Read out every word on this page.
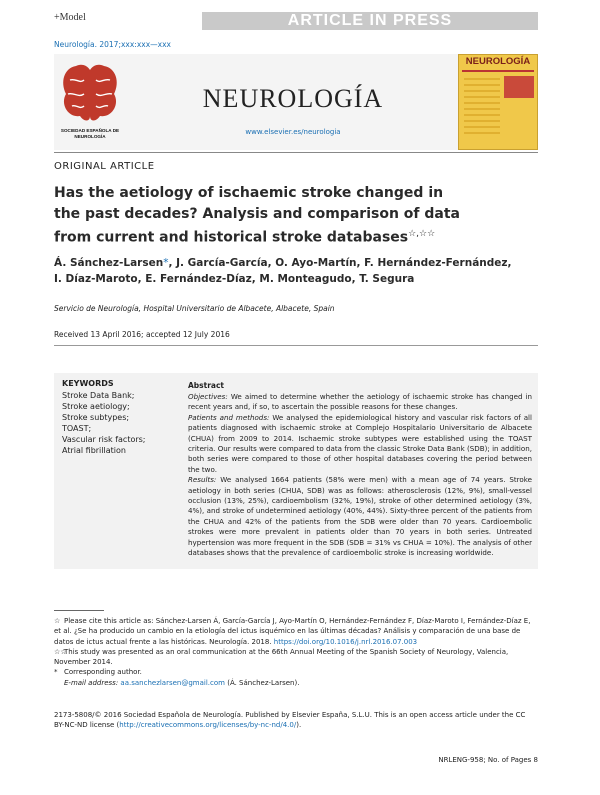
+Model	ARTICLE IN PRESS
Neurología. 2017;xxx:xxx—xxx
SOCIEDAD ESPAÑOLA DE NEUROLOGÍA
NEUROLOGÍA
www.elsevier.es/neurologia
NEUROLOGÍA
ORIGINAL ARTICLE
Has the aetiology of ischaemic stroke changed in the past decades? Analysis and comparison of data from current and historical stroke databases☆,☆☆
Á. Sánchez-Larsen*, J. García-García, O. Ayo-Martín, F. Hernández-Fernández,
I. Díaz-Maroto, E. Fernández-Díaz, M. Monteagudo, T. Segura
Servicio de Neurología, Hospital Universitario de Albacete, Albacete, Spain
Received 13 April 2016; accepted 12 July 2016
KEYWORDS
Stroke Data Bank;
Stroke aetiology;
Stroke subtypes;
TOAST;
Vascular risk factors;
Atrial fibrillation
Abstract

Objectives: We aimed to determine whether the aetiology of ischaemic stroke has changed in recent years and, if so, to ascertain the possible reasons for these changes.

Patients and methods: We analysed the epidemiological history and vascular risk factors of all patients diagnosed with ischaemic stroke at Complejo Hospitalario Universitario de Albacete (CHUA) from 2009 to 2014. Ischaemic stroke subtypes were established using the TOAST criteria. Our results were compared to data from the classic Stroke Data Bank (SDB); in addition, both series were compared to those of other hospital databases covering the period between the two.

Results: We analysed 1664 patients (58% were men) with a mean age of 74 years. Stroke aetiology in both series (CHUA, SDB) was as follows: atherosclerosis (12%, 9%), small-vessel occlusion (13%, 25%), cardioembolism (32%, 19%), stroke of other determined aetiology (3%, 4%), and stroke of undetermined aetiology (40%, 44%). Sixty-three percent of the patients from the CHUA and 42% of the patients from the SDB were older than 70 years. Cardioembolic strokes were more prevalent in patients older than 70 years in both series. Untreated hypertension was more frequent in the SDB (SDB = 31% vs CHUA = 10%). The analysis of other databases shows that the prevalence of cardioembolic stroke is increasing worldwide.

☆ Please cite this article as: Sánchez-Larsen Á, García-García J, Ayo-Martín O, Hernández-Fernández F, Díaz-Maroto I, Fernández-Díaz E, et al. ¿Se ha producido un cambio en la etiología del ictus isquémico en las últimas décadas? Análisis y comparación de una base de datos de ictus actual frente a las históricas. Neurología. 2018. https://doi.org/10.1016/j.nrl.2016.07.003
☆☆This study was presented as an oral communication at the 66th Annual Meeting of the Spanish Society of Neurology, Valencia, November 2014.
* Corresponding author.
E-mail address: aa.sanchezlarsen@gmail.com (Á. Sánchez-Larsen).
2173-5808/© 2016 Sociedad Española de Neurología. Published by Elsevier España, S.L.U. This is an open access article under the CC BY-NC-ND license (http://creativecommons.org/licenses/by-nc-nd/4.0/).
NRLENG-958; No. of Pages 8
